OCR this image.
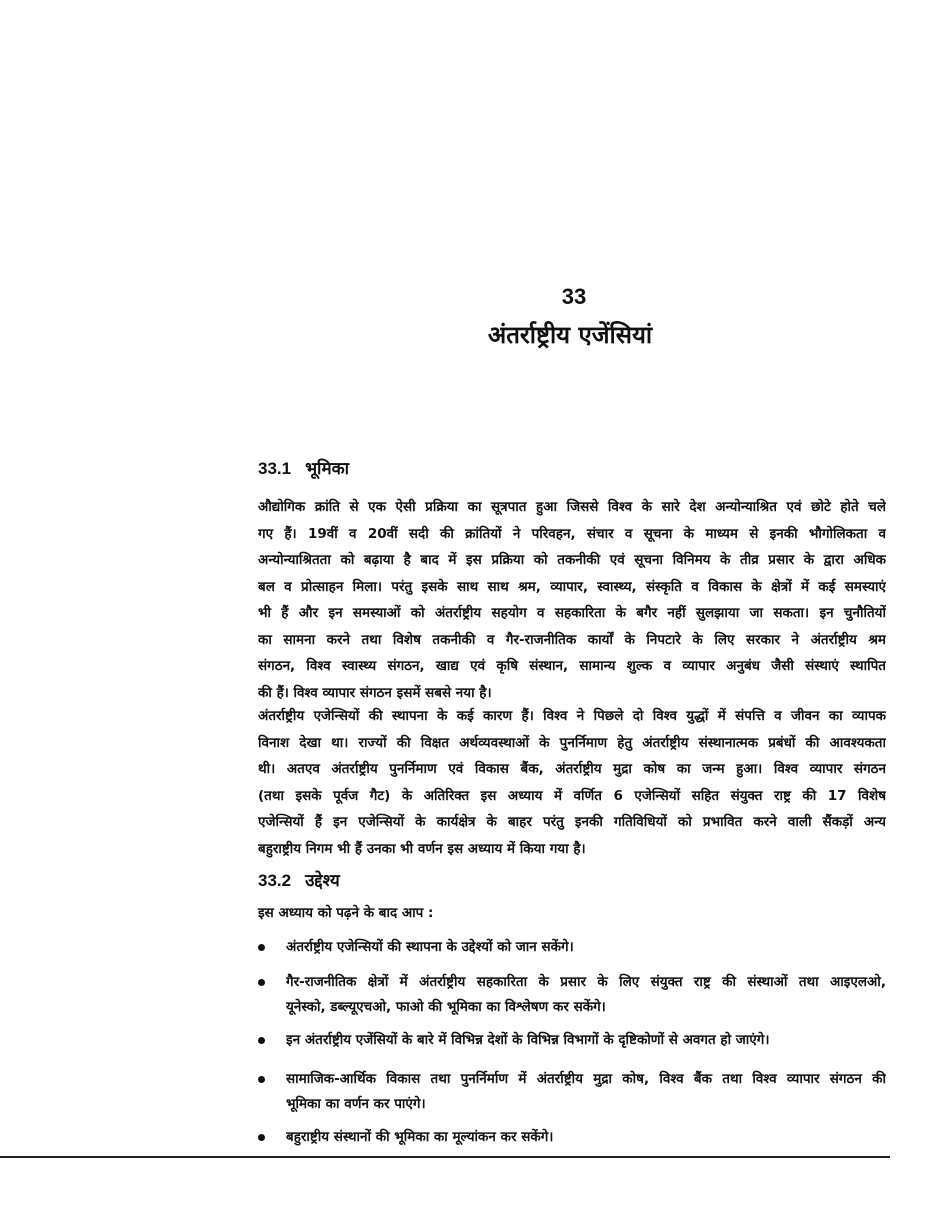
33
अंतर्राष्ट्रीय एजेंसियां
33.1 भूमिका
औद्योगिक क्रांति से एक ऐसी प्रक्रिया का सूत्रपात हुआ जिससे विश्व के सारे देश अन्योन्याश्रित एवं छोटे होते चले
गए हैं। 19वीं व 20वीं सदी की क्रांतियों ने परिवहन, संचार व सूचना के माध्यम से इनकी भौगोलिकता व
अन्योन्याश्रितता को बढ़ाया है बाद में इस प्रक्रिया को तकनीकी एवं सूचना विनिमय के तीव्र प्रसार के द्वारा अधिक
बल व प्रोत्साहन मिला। परंतु इसके साथ साथ श्रम, व्यापार, स्वास्थ्य, संस्कृति व विकास के क्षेत्रों में कई समस्याएं
भी हैं और इन समस्याओं को अंतर्राष्ट्रीय सहयोग व सहकारिता के बगैर नहीं सुलझाया जा सकता। इन चुनौतियों
का सामना करने तथा विशेष तकनीकी व गैर-राजनीतिक कार्यों के निपटारे के लिए सरकार ने अंतर्राष्ट्रीय श्रम
संगठन, विश्व स्वास्थ्य संगठन, खाद्य एवं कृषि संस्थान, सामान्य शुल्क व व्यापार अनुबंध जैसी संस्थाएं स्थापित
की हैं। विश्व व्यापार संगठन इसमें सबसे नया है।
अंतर्राष्ट्रीय एजेन्सियों की स्थापना के कई कारण हैं। विश्व ने पिछले दो विश्व युद्धों में संपत्ति व जीवन का व्यापक
विनाश देखा था। राज्यों की विक्षत अर्थव्यवस्थाओं के पुनर्निमाण हेतु अंतर्राष्ट्रीय संस्थानात्मक प्रबंधों की आवश्यकता
थी। अतएव अंतर्राष्ट्रीय पुनर्निमाण एवं विकास बैंक, अंतर्राष्ट्रीय मुद्रा कोष का जन्म हुआ। विश्व व्यापार संगठन
(तथा इसके पूर्वज गैट) के अतिरिक्त इस अध्याय में वर्णित 6 एजेन्सियों सहित संयुक्त राष्ट्र की 17 विशेष
एजेन्सियों हैं इन एजेन्सियों के कार्यक्षेत्र के बाहर परंतु इनकी गतिविधियों को प्रभावित करने वाली सैंकड़ों अन्य
बहुराष्ट्रीय निगम भी हैं उनका भी वर्णन इस अध्याय में किया गया है।
33.2 उद्देश्य
इस अध्याय को पढ़ने के बाद आप :
अंतर्राष्ट्रीय एजेन्सियों की स्थापना के उद्देश्यों को जान सकेंगे।
गैर-राजनीतिक क्षेत्रों में अंतर्राष्ट्रीय सहकारिता के प्रसार के लिए संयुक्त राष्ट्र की संस्थाओं तथा आइएलओ,
यूनेस्को, डब्ल्यूएचओ, फाओ की भूमिका का विश्लेषण कर सकेंगे।
इन अंतर्राष्ट्रीय एजेंसियों के बारे में विभिन्न देशों के विभिन्न विभागों के दृष्टिकोणों से अवगत हो जाएंगे।
सामाजिक-आर्थिक विकास तथा पुनर्निर्माण में अंतर्राष्ट्रीय मुद्रा कोष, विश्व बैंक तथा विश्व व्यापार संगठन की
भूमिका का वर्णन कर पाएंगे।
बहुराष्ट्रीय संस्थानों की भूमिका का मूल्यांकन कर सकेंगे।
